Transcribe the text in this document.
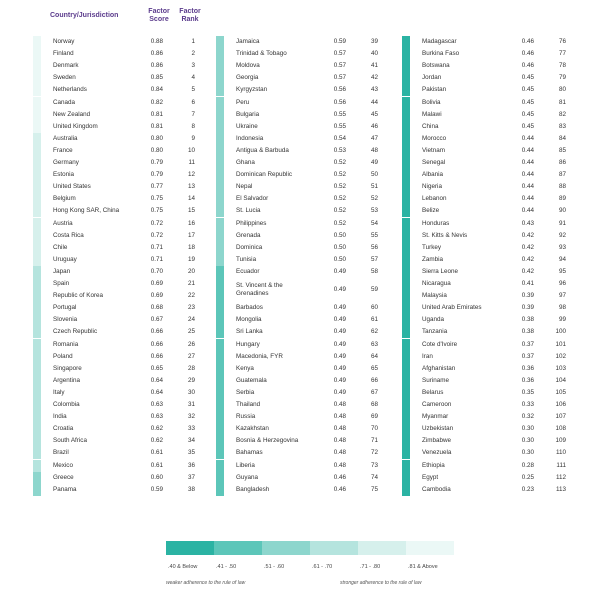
Country/Jurisdiction
Factor Score
Factor Rank
Norway	0.88	1
Finland	0.86	2
Denmark	0.86	3
Sweden	0.85	4
Netherlands	0.84	5
Canada	0.82	6
New Zealand	0.81	7
United Kingdom	0.81	8
Australia	0.80	9
France	0.80	10
Germany	0.79	11
Estonia	0.79	12
United States	0.77	13
Belgium	0.75	14
Hong Kong SAR, China	0.75	15
Austria	0.72	16
Costa Rica	0.72	17
Chile	0.71	18
Uruguay	0.71	19
Japan	0.70	20
Spain	0.69	21
Republic of Korea	0.69	22
Portugal	0.68	23
Slovenia	0.67	24
Czech Republic	0.66	25
Romania	0.66	26
Poland	0.66	27
Singapore	0.65	28
Argentina	0.64	29
Italy	0.64	30
Colombia	0.63	31
India	0.63	32
Croatia	0.62	33
South Africa	0.62	34
Brazil	0.61	35
Mexico	0.61	36
Greece	0.60	37
Panama	0.59	38
Jamaica	0.59	39
Trinidad & Tobago	0.57	40
Moldova	0.57	41
Georgia	0.57	42
Kyrgyzstan	0.56	43
Peru	0.56	44
Bulgaria	0.55	45
Ukraine	0.55	46
Indonesia	0.54	47
Antigua & Barbuda	0.53	48
Ghana	0.52	49
Dominican Republic	0.52	50
Nepal	0.52	51
El Salvador	0.52	52
St. Lucia	0.52	53
Philippines	0.52	54
Grenada	0.50	55
Dominica	0.50	56
Tunisia	0.50	57
Ecuador	0.49	58
St. Vincent & the Grenadines
0.49	59
Barbados	0.49	60
Mongolia	0.49	61
Sri Lanka	0.49	62
Hungary	0.49	63
Macedonia, FYR	0.49	64
Kenya	0.49	65
Guatemala	0.49	66
Serbia	0.49	67
Thailand	0.48	68
Russia	0.48	69
Kazakhstan	0.48	70
Bosnia & Herzegovina	0.48	71
Bahamas	0.48	72
Liberia	0.48	73
Guyana	0.46	74
Bangladesh	0.46	75
Madagascar	0.46	76
Burkina Faso	0.46	77
Botswana	0.46	78
Jordan	0.45	79
Pakistan	0.45	80
Bolivia	0.45	81
Malawi	0.45	82
China	0.45	83
Morocco	0.44	84
Vietnam	0.44	85
Senegal	0.44	86
Albania	0.44	87
Nigeria	0.44	88
Lebanon	0.44	89
Belize	0.44	90
Honduras	0.43	91
St. Kitts & Nevis	0.42	92
Turkey	0.42	93
Zambia	0.42	94
Sierra Leone	0.42	95
Nicaragua	0.41	96
Malaysia	0.39	97
United Arab Emirates	0.39	98
Uganda	0.38	99
Tanzania	0.38	100
Cote d'Ivoire	0.37	101
Iran	0.37	102
Afghanistan	0.36	103
Suriname	0.36	104
Belarus	0.35	105
Cameroon	0.33	106
Myanmar	0.32	107
Uzbekistan	0.30	108
Zimbabwe	0.30	109
Venezuela	0.30	110
Ethiopia	0.28	111
Egypt	0.25	112
Cambodia	0.23	113
weaker adherence to the rule of law	stronger adherence to the rule of law
.40 & Below	.41 - .50	.51 - .60	.61 - .70	.71 - .80	.81 & Above
